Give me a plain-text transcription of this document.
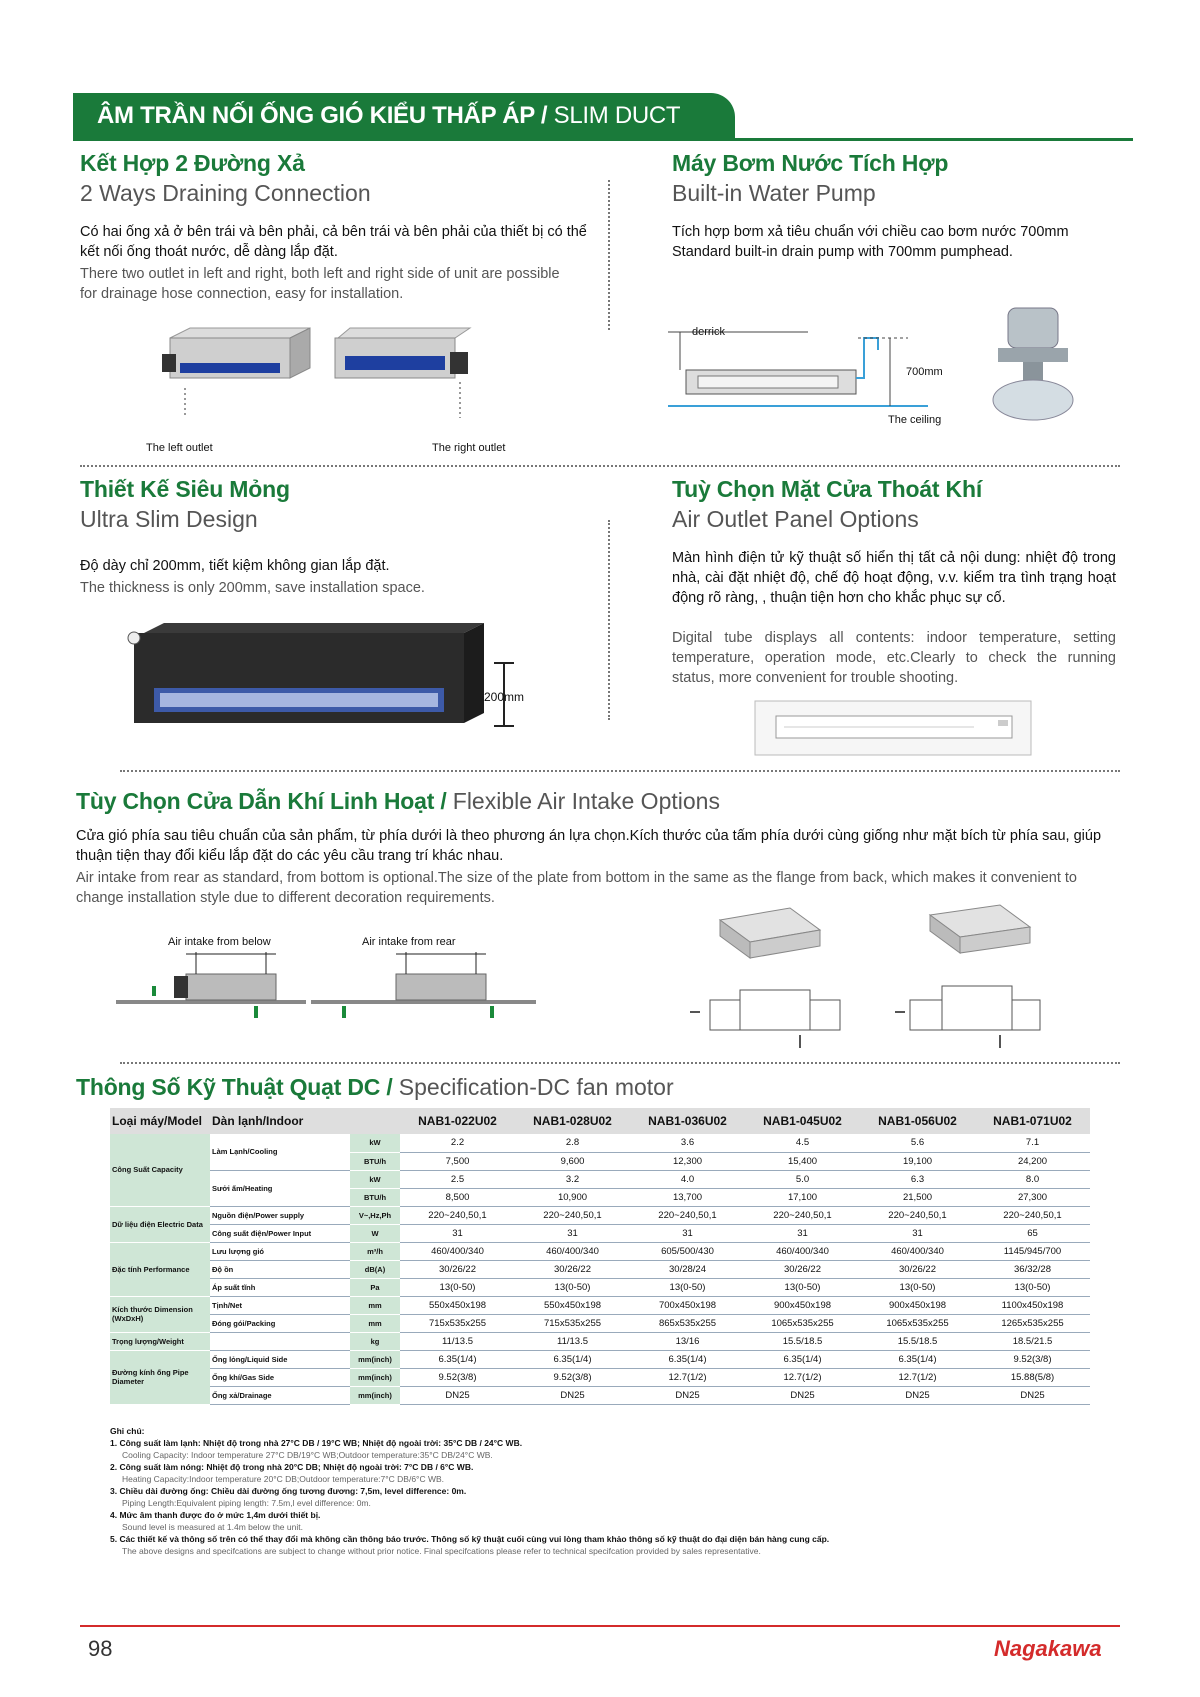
ÂM TRẦN NỐI ỐNG GIÓ KIỂU THẤP ÁP / SLIM DUCT
Kết Hợp 2 Đường Xả
2 Ways Draining Connection
Có hai ống xả ở bên trái và bên phải, cả bên trái và bên phải của thiết bị có thể kết nối ống thoát nước, dễ dàng lắp đặt.
There two outlet in left and right, both left and right side of unit are possible for drainage hose connection, easy for installation.
The left outlet	The right outlet
Máy Bơm Nước Tích Hợp
Built-in Water Pump
Tích hợp bơm xả tiêu chuẩn với chiều cao bơm nước 700mm
Standard built-in drain pump with 700mm pumphead.
derrick
700mm
The ceiling
Thiết Kế Siêu Mỏng
Ultra Slim Design
Độ dày chỉ 200mm, tiết kiệm không gian lắp đặt.
The thickness is only 200mm, save installation space.
200mm
Tuỳ Chọn Mặt Cửa Thoát Khí
Air Outlet Panel Options
Màn hình điện tử kỹ thuật số hiển thị tất cả nội dung: nhiệt độ trong nhà, cài đặt nhiệt độ, chế độ hoạt động, v.v. kiểm tra tình trạng hoạt động rõ ràng, , thuận tiện hơn cho khắc phục sự cố.
Digital tube displays all contents: indoor temperature, setting temperature, operation mode, etc.Clearly to check the running status, more convenient for trouble shooting.
Tùy Chọn Cửa Dẫn Khí Linh Hoạt / Flexible Air Intake Options
Cửa gió phía sau tiêu chuẩn của sản phẩm, từ phía dưới là theo phương án lựa chọn.Kích thước của tấm phía dưới cùng giống như mặt bích từ phía sau, giúp thuận tiện thay đổi kiểu lắp đặt do các yêu cầu trang trí khác nhau.
Air intake from rear as standard, from bottom is optional.The size of the plate from bottom in the same as the flange from back, which makes it convenient to change installation style due to different decoration requirements.
Air intake from below	Air intake from rear
Thông Số Kỹ Thuật Quạt DC / Specification-DC fan motor
Loại máy/Model	Dàn lạnh/Indoor		NAB1-022U02	NAB1-028U02	NAB1-036U02	NAB1-045U02	NAB1-056U02	NAB1-071U02
Công Suất Capacity	Làm Lạnh/Cooling	kW	2.2	2.8	3.6	4.5	5.6	7.1
		BTU/h	7,500	9,600	12,300	15,400	19,100	24,200
	Sưởi ấm/Heating	kW	2.5	3.2	4.0	5.0	6.3	8.0
		BTU/h	8,500	10,900	13,700	17,100	21,500	27,300
Dữ liệu điện Electric Data	Nguồn điện/Power supply	V~,Hz,Ph	220~240,50,1	220~240,50,1	220~240,50,1	220~240,50,1	220~240,50,1	220~240,50,1
	Công suất điện/Power Input	W	31	31	31	31	31	65
Đặc tính Performance	Lưu lượng gió	m³/h	460/400/340	460/400/340	605/500/430	460/400/340	460/400/340	1145/945/700
	Độ ồn	dB(A)	30/26/22	30/26/22	30/28/24	30/26/22	30/26/22	36/32/28
	Áp suất tĩnh	Pa	13(0-50)	13(0-50)	13(0-50)	13(0-50)	13(0-50)	13(0-50)
Kích thước Dimension (WxDxH)	Tịnh/Net	mm	550x450x198	550x450x198	700x450x198	900x450x198	900x450x198	1100x450x198
	Đóng gói/Packing	mm	715x535x255	715x535x255	865x535x255	1065x535x255	1065x535x255	1265x535x255
Trọng lượng/Weight		kg	11/13.5	11/13.5	13/16	15.5/18.5	15.5/18.5	18.5/21.5
Đường kính ống Pipe Diameter	Ống lỏng/Liquid Side	mm(inch)	6.35(1/4)	6.35(1/4)	6.35(1/4)	6.35(1/4)	6.35(1/4)	9.52(3/8)
	Ống khí/Gas Side	mm(inch)	9.52(3/8)	9.52(3/8)	12.7(1/2)	12.7(1/2)	12.7(1/2)	15.88(5/8)
	Ống xả/Drainage	mm(inch)	DN25	DN25	DN25	DN25	DN25	DN25
Ghi chú:
1. Công suất làm lạnh: Nhiệt độ trong nhà 27°C DB / 19°C WB; Nhiệt độ ngoài trời: 35°C DB / 24°C WB.
Cooling Capacity: Indoor temperature 27°C DB/19°C WB;Outdoor temperature:35°C DB/24°C WB.
2. Công suất làm nóng: Nhiệt độ trong nhà 20°C DB; Nhiệt độ ngoài trời: 7°C DB / 6°C WB.
Heating Capacity:Indoor temperature 20°C DB;Outdoor temperature:7°C DB/6°C WB.
3. Chiều dài đường ống: Chiều dài đường ống tương đương: 7,5m, level difference: 0m.
Piping Length:Equivalent piping length: 7.5m,l evel difference: 0m.
4. Mức âm thanh được đo ở mức 1,4m dưới thiết bị.
Sound level is measured at 1.4m below the unit.
5. Các thiết kế và thông số trên có thể thay đổi mà không cần thông báo trước. Thông số kỹ thuật cuối cùng vui lòng tham khảo thông số kỹ thuật do đại diện bán hàng cung cấp.
The above designs and specifcations are subject to change without prior notice. Final specifcations please refer to technical specifcation provided by sales representative.
98	Nagakawa
